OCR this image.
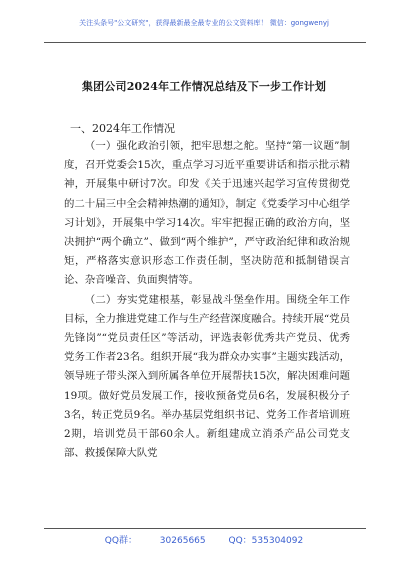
关注头条号"公文研究"，获得最新最全最专业的公文资料库！ 微信：gongwenyj
集团公司2024年工作情况总结及下一步工作计划
一、2024年工作情况

（一）强化政治引领，把牢思想之舵。坚持“第一议题”制度，召开党委会15次，重点学习习近平重要讲话和指示批示精神，开展集中研讨7次。印发《关于迅速兴起学习宣传贯彻党的二十届三中全会精神热潮的通知》，制定《党委学习中心组学习计划》，开展集中学习14次。牢牢把握正确的政治方向，坚决拥护“两个确立”、做到“两个维护”，严守政治纪律和政治规矩，严格落实意识形态工作责任制，坚决防范和抵制错误言论、杂音噪音、负面舆情等。

（二）夯实党建根基，彰显战斗堡垒作用。围绕全年工作目标，全力推进党建工作与生产经营深度融合。持续开展“党员先锋岗”“党员责任区”等活动，评选表彰优秀共产党员、优秀党务工作者23名。组织开展“我为群众办实事”主题实践活动，领导班子带头深入到所属各单位开展帮扶15次，解决困难问题19项。做好党员发展工作，接收预备党员6名，发展积极分子3名，转正党员9名。举办基层党组织书记、党务工作者培训班2期，培训党员干部60余人。新组建成立消杀产品公司党支部、救援保障大队党

QQ群： 30265665	QQ：535304092
